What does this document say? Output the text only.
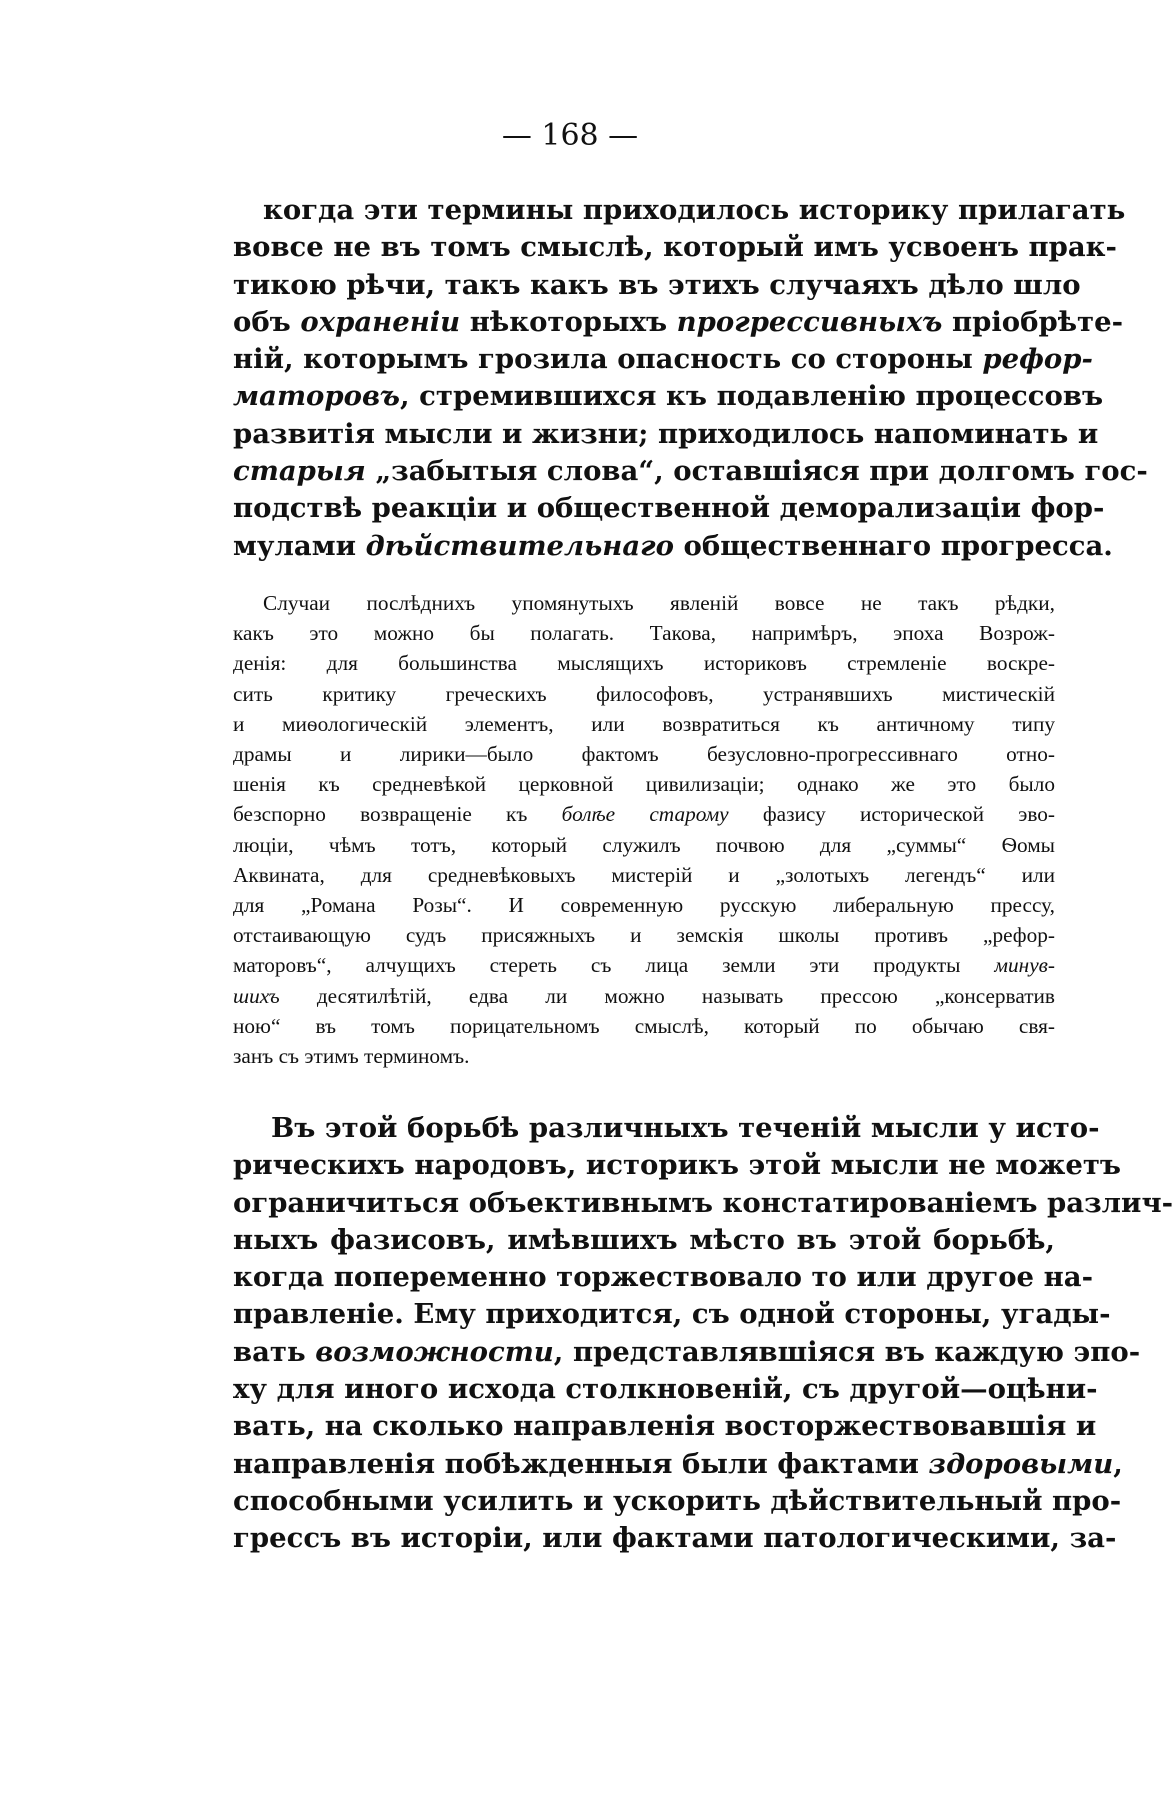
— 168 —
когда эти термины приходилось историку прилагать
вовсе не въ томъ смыслѣ, который имъ усвоенъ прак-
тикою рѣчи, такъ какъ въ этихъ случаяхъ дѣло шло
объ охраненіи нѣкоторыхъ прогрессивныхъ пріобрѣте-
ній, которымъ грозила опасность со стороны рефор-
маторовъ, стремившихся къ подавленію процессовъ
развитія мысли и жизни; приходилось напоминать и
старыя „забытыя слова“, оставшіяся при долгомъ гос-
подствѣ реакціи и общественной деморализаціи фор-
мулами дѣйствительнаго общественнаго прогресса.
Случаи послѣднихъ упомянутыхъ явленій вовсе не такъ рѣдки,
какъ это можно бы полагать. Такова, напримѣръ, эпоха Возрож-
денія: для большинства мыслящихъ историковъ стремленіе воскре-
сить критику греческихъ философовъ, устранявшихъ мистическій
и миѳологическій элементъ, или возвратиться къ античному типу
драмы и лирики—было фактомъ безусловно-прогрессивнаго отно-
шенія къ средневѣкой церковной цивилизаціи; однако же это было
безспорно возвращеніе къ болѣе старому фазису исторической эво-
люціи, чѣмъ тотъ, который служилъ почвою для „суммы“ Ѳомы
Аквината, для средневѣковыхъ мистерій и „золотыхъ легендъ“ или
для „Романа Розы“. И современную русскую либеральную прессу,
отстаивающую судъ присяжныхъ и земскія школы противъ „рефор-
маторовъ“, алчущихъ стереть съ лица земли эти продукты минув-
шихъ десятилѣтій, едва ли можно называть прессою „консерватив
ною“ въ томъ порицательномъ смыслѣ, который по обычаю свя-
занъ съ этимъ терминомъ.
Въ этой борьбѣ различныхъ теченій мысли у исто-
рическихъ народовъ, историкъ этой мысли не можетъ
ограничиться объективнымъ констатированіемъ различ-
ныхъ фазисовъ, имѣвшихъ мѣсто въ этой борьбѣ,
когда попеременно торжествовало то или другое на-
правленіе. Ему приходится, съ одной стороны, угады-
вать возможности, представлявшіяся въ каждую эпо-
ху для иного исхода столкновеній, съ другой—оцѣни-
вать, на сколько направленія восторжествовавшія и
направленія побѣжденныя были фактами здоровыми,
способными усилить и ускорить дѣйствительный про-
грессъ въ исторіи, или фактами патологическими, за-
